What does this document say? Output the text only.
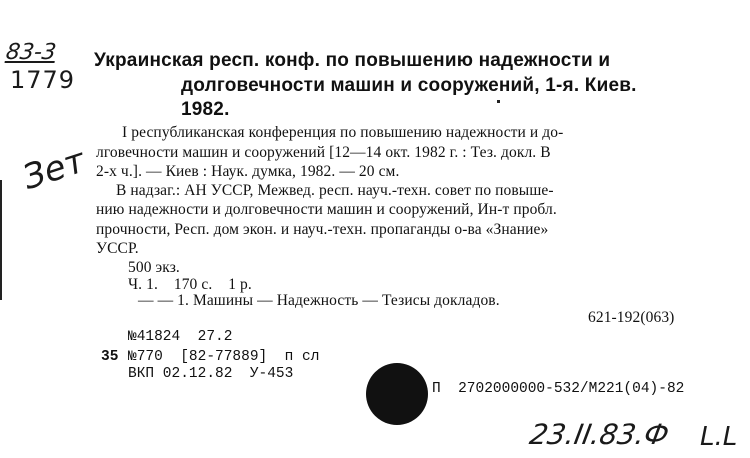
83-3
1779
Зет
Украинская респ. конф. по повышению надежности и
долговечности машин и сооружений, 1-я. Киев.
1982.
I республиканская конференция по повышению надежности и до-
лговечности машин и сооружений [12—14 окт. 1982 г. : Тез. докл. В
2-х ч.]. — Киев : Наук. думка, 1982. — 20 см.
В надзаг.: АН УССР, Межвед. респ. науч.-техн. совет по повыше-
нию надежности и долговечности машин и сооружений, Ин-т пробл.
прочности, Респ. дом экон. и науч.-техн. пропаганды о-ва «Знание»
УССР.
500 экз.
Ч. 1.    170 с.    1 р.
— — 1. Машины — Надежность — Тезисы докладов.
621-192(063)
№41824  27.2
35 №770  [82-77889]  п сл
ВКП 02.12.82  У-453
П  2702000000-532/М221(04)-82
23.II.83.Ф L.L
